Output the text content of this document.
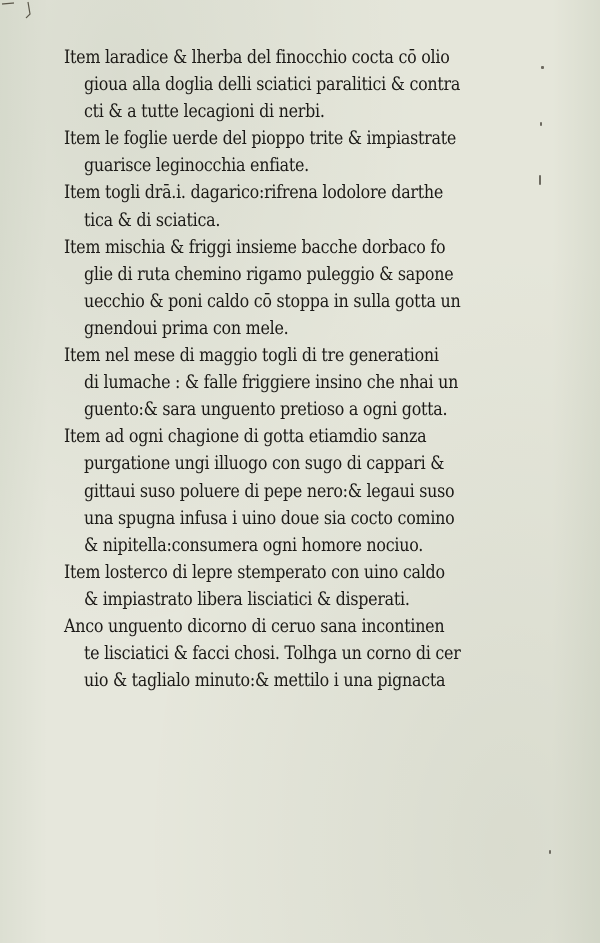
Item laradice & lherba del finocchio cocta cō olio
gioua alla doglia delli sciatici paralitici & contra
cti & a tutte lecagioni di nerbi.
Item le foglie uerde del pioppo trite & impiastrate
guarisce leginocchia enfiate.
Item togli drā.i. dagarico:rifrena lodolore darthe
tica & di sciatica.
Item mischia & friggi insieme bacche dorbaco fo
glie di ruta chemino rigamo puleggio & sapone
uecchio & poni caldo cō stoppa in sulla gotta un
gnendoui prima con mele.
Item nel mese di maggio togli di tre generationi
di lumache : & falle friggiere insino che nhai un
guento:& sara unguento pretioso a ogni gotta.
Item ad ogni chagione di gotta etiamdio sanza
purgatione ungi illuogo con sugo di cappari &
gittaui suso poluere di pepe nero:& legaui suso
una spugna infusa i uino doue sia cocto comino
& nipitella:consumera ogni homore nociuo.
Item losterco di lepre stemperato con uino caldo
& impiastrato libera lisciatici & disperati.
Anco unguento dicorno di ceruo sana incontinen
te lisciatici & facci chosi. Tolhga un corno di cer
uio & taglialo minuto:& mettilo i una pignacta
